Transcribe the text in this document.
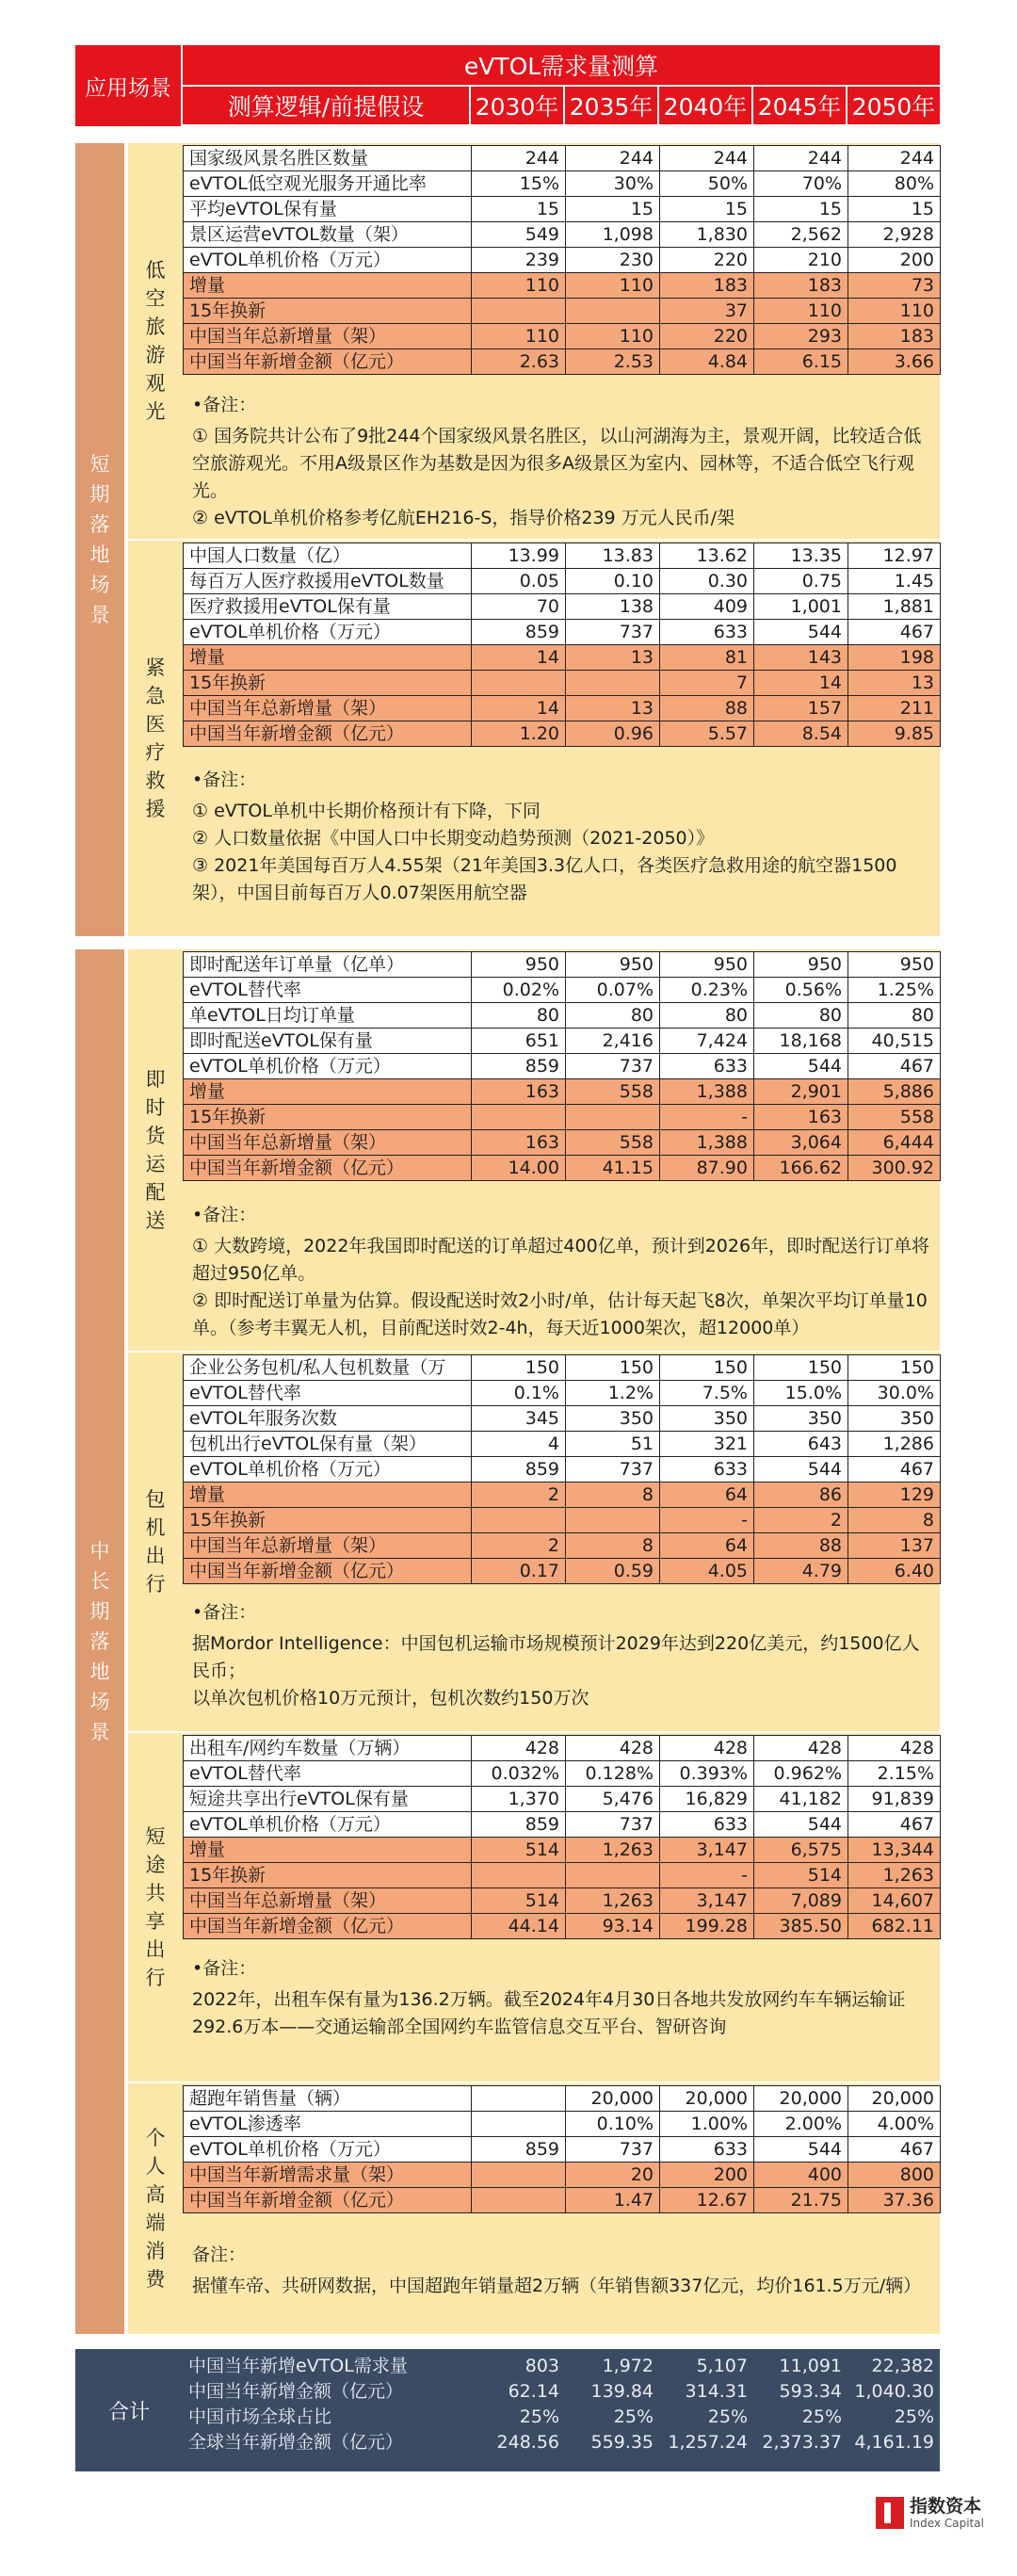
应用场景
eVTOL需求量测算
测算逻辑/前提假设	2030年 2035年 2040年 2045年 2050年
短期落地场景
中长期落地场景
低空旅游观光
紧急医疗救援
即时货运配送
包机出行
短途共享出行
个人高端消费
国家级风景名胜区数量	244	244	244	244	244
eVTOL低空观光服务开通比率	15%	30%	50%	70%	80%
平均eVTOL保有量	15	15	15	15	15
景区运营eVTOL数量（架）	549	1,098	1,830	2,562	2,928
eVTOL单机价格（万元）	239	230	220	210	200
增量	110	110	183	183	73
15年换新			37	110	110
中国当年总新增量（架）	110	110	220	293	183
中国当年新增金额（亿元）	2.63	2.53	4.84	6.15	3.66
中国人口数量（亿）	13.99	13.83	13.62	13.35	12.97
每百万人医疗救援用eVTOL数量	0.05	0.10	0.30	0.75	1.45
医疗救援用eVTOL保有量	70	138	409	1,001	1,881
eVTOL单机价格（万元）	859	737	633	544	467
增量	14	13	81	143	198
15年换新			7	14	13
中国当年总新增量（架）	14	13	88	157	211
中国当年新增金额（亿元）	1.20	0.96	5.57	8.54	9.85
即时配送年订单量（亿单）	950	950	950	950	950
eVTOL替代率	0.02%	0.07%	0.23%	0.56%	1.25%
单eVTOL日均订单量	80	80	80	80	80
即时配送eVTOL保有量	651	2,416	7,424	18,168	40,515
eVTOL单机价格（万元）	859	737	633	544	467
增量	163	558	1,388	2,901	5,886
15年换新			-	163	558
中国当年总新增量（架）	163	558	1,388	3,064	6,444
中国当年新增金额（亿元）	14.00	41.15	87.90	166.62	300.92
企业公务包机/私人包机数量（万	150	150	150	150	150
eVTOL替代率	0.1%	1.2%	7.5%	15.0%	30.0%
eVTOL年服务次数	345	350	350	350	350
包机出行eVTOL保有量（架）	4	51	321	643	1,286
eVTOL单机价格（万元）	859	737	633	544	467
增量	2	8	64	86	129
15年换新			-	2	8
中国当年总新增量（架）	2	8	64	88	137
中国当年新增金额（亿元）	0.17	0.59	4.05	4.79	6.40
出租车/网约车数量（万辆）	428	428	428	428	428
eVTOL替代率	0.032%	0.128%	0.393%	0.962%	2.15%
短途共享出行eVTOL保有量	1,370	5,476	16,829	41,182	91,839
eVTOL单机价格（万元）	859	737	633	544	467
增量	514	1,263	3,147	6,575	13,344
15年换新			-	514	1,263
中国当年总新增量（架）	514	1,263	3,147	7,089	14,607
中国当年新增金额（亿元）	44.14	93.14	199.28	385.50	682.11
超跑年销售量（辆）		20,000	20,000	20,000	20,000
eVTOL渗透率		0.10%	1.00%	2.00%	4.00%
eVTOL单机价格（万元）	859	737	633	544	467
中国当年新增需求量（架）		20	200	400	800
中国当年新增金额（亿元）		1.47	12.67	21.75	37.36
•备注：
① 国务院共计公布了9批244个国家级风景名胜区，以山河湖海为主，景观开阔，比较适合低空旅游观光。不用A级景区作为基数是因为很多A级景区为室内、园林等，不适合低空飞行观光。
② eVTOL单机价格参考亿航EH216-S，指导价格239 万元人民币/架
•备注：
① eVTOL单机中长期价格预计有下降，下同
② 人口数量依据《中国人口中长期变动趋势预测（2021-2050）》
③ 2021年美国每百万人4.55架（21年美国3.3亿人口，各类医疗急救用途的航空器1500架），中国目前每百万人0.07架医用航空器
•备注：
① 大数跨境，2022年我国即时配送的订单超过400亿单，预计到2026年，即时配送行订单将超过950亿单。
② 即时配送订单量为估算。假设配送时效2小时/单，估计每天起飞8次，单架次平均订单量10单。（参考丰翼无人机，目前配送时效2-4h，每天近1000架次，超12000单）
•备注：
据Mordor Intelligence：中国包机运输市场规模预计2029年达到220亿美元，约1500亿人民币；
以单次包机价格10万元预计，包机次数约150万次
•备注：
2022年，出租车保有量为136.2万辆。截至2024年4月30日各地共发放网约车车辆运输证292.6万本——交通运输部全国网约车监管信息交互平台、智研咨询
备注：
据懂车帝、共研网数据，中国超跑年销量超2万辆（年销售额337亿元，均价161.5万元/辆）
合计
中国当年新增eVTOL需求量	803	1,972	5,107	11,091	22,382
中国当年新增金额（亿元）	62.14	139.84	314.31	593.34	1,040.30
中国市场全球占比	25%	25%	25%	25%	25%
全球当年新增金额（亿元）	248.56	559.35	1,257.24	2,373.37	4,161.19
指数资本
Index Capital
